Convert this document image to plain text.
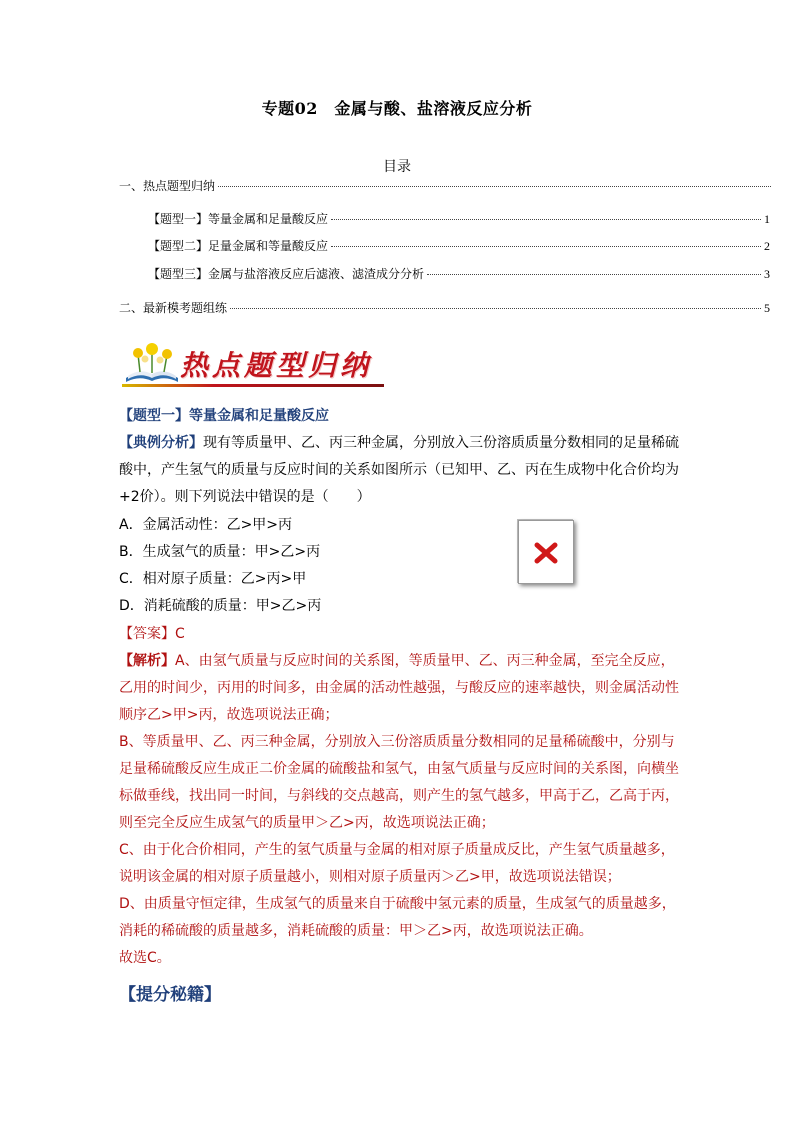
专题02　金属与酸、盐溶液反应分析
目录
一、热点题型归纳
【题型一】等量金属和足量酸反应	1
【题型二】足量金属和等量酸反应	2
【题型三】金属与盐溶液反应后滤液、滤渣成分分析	3
二、最新模考题组练	5
热点题型归纳
【题型一】等量金属和足量酸反应
【典例分析】现有等质量甲、乙、丙三种金属，分别放入三份溶质质量分数相同的足量稀硫
酸中，产生氢气的质量与反应时间的关系如图所示（已知甲、乙、丙在生成物中化合价均为
+2价）。则下列说法中错误的是（　　）
A．金属活动性：乙>甲>丙
B．生成氢气的质量：甲>乙>丙
C．相对原子质量：乙>丙>甲
D．消耗硫酸的质量：甲>乙>丙
【答案】C
【解析】A、由氢气质量与反应时间的关系图，等质量甲、乙、丙三种金属，至完全反应，
乙用的时间少，丙用的时间多，由金属的活动性越强，与酸反应的速率越快，则金属活动性
顺序乙>甲>丙，故选项说法正确；
B、等质量甲、乙、丙三种金属，分别放入三份溶质质量分数相同的足量稀硫酸中，分别与
足量稀硫酸反应生成正二价金属的硫酸盐和氢气，由氢气质量与反应时间的关系图，向横坐
标做垂线，找出同一时间，与斜线的交点越高，则产生的氢气越多，甲高于乙，乙高于丙，
则至完全反应生成氢气的质量甲＞乙>丙，故选项说法正确；
C、由于化合价相同，产生的氢气质量与金属的相对原子质量成反比，产生氢气质量越多，
说明该金属的相对原子质量越小，则相对原子质量丙＞乙>甲，故选项说法错误；
D、由质量守恒定律，生成氢气的质量来自于硫酸中氢元素的质量，生成氢气的质量越多，
消耗的稀硫酸的质量越多，消耗硫酸的质量：甲＞乙>丙，故选项说法正确。
故选C。
【提分秘籍】
